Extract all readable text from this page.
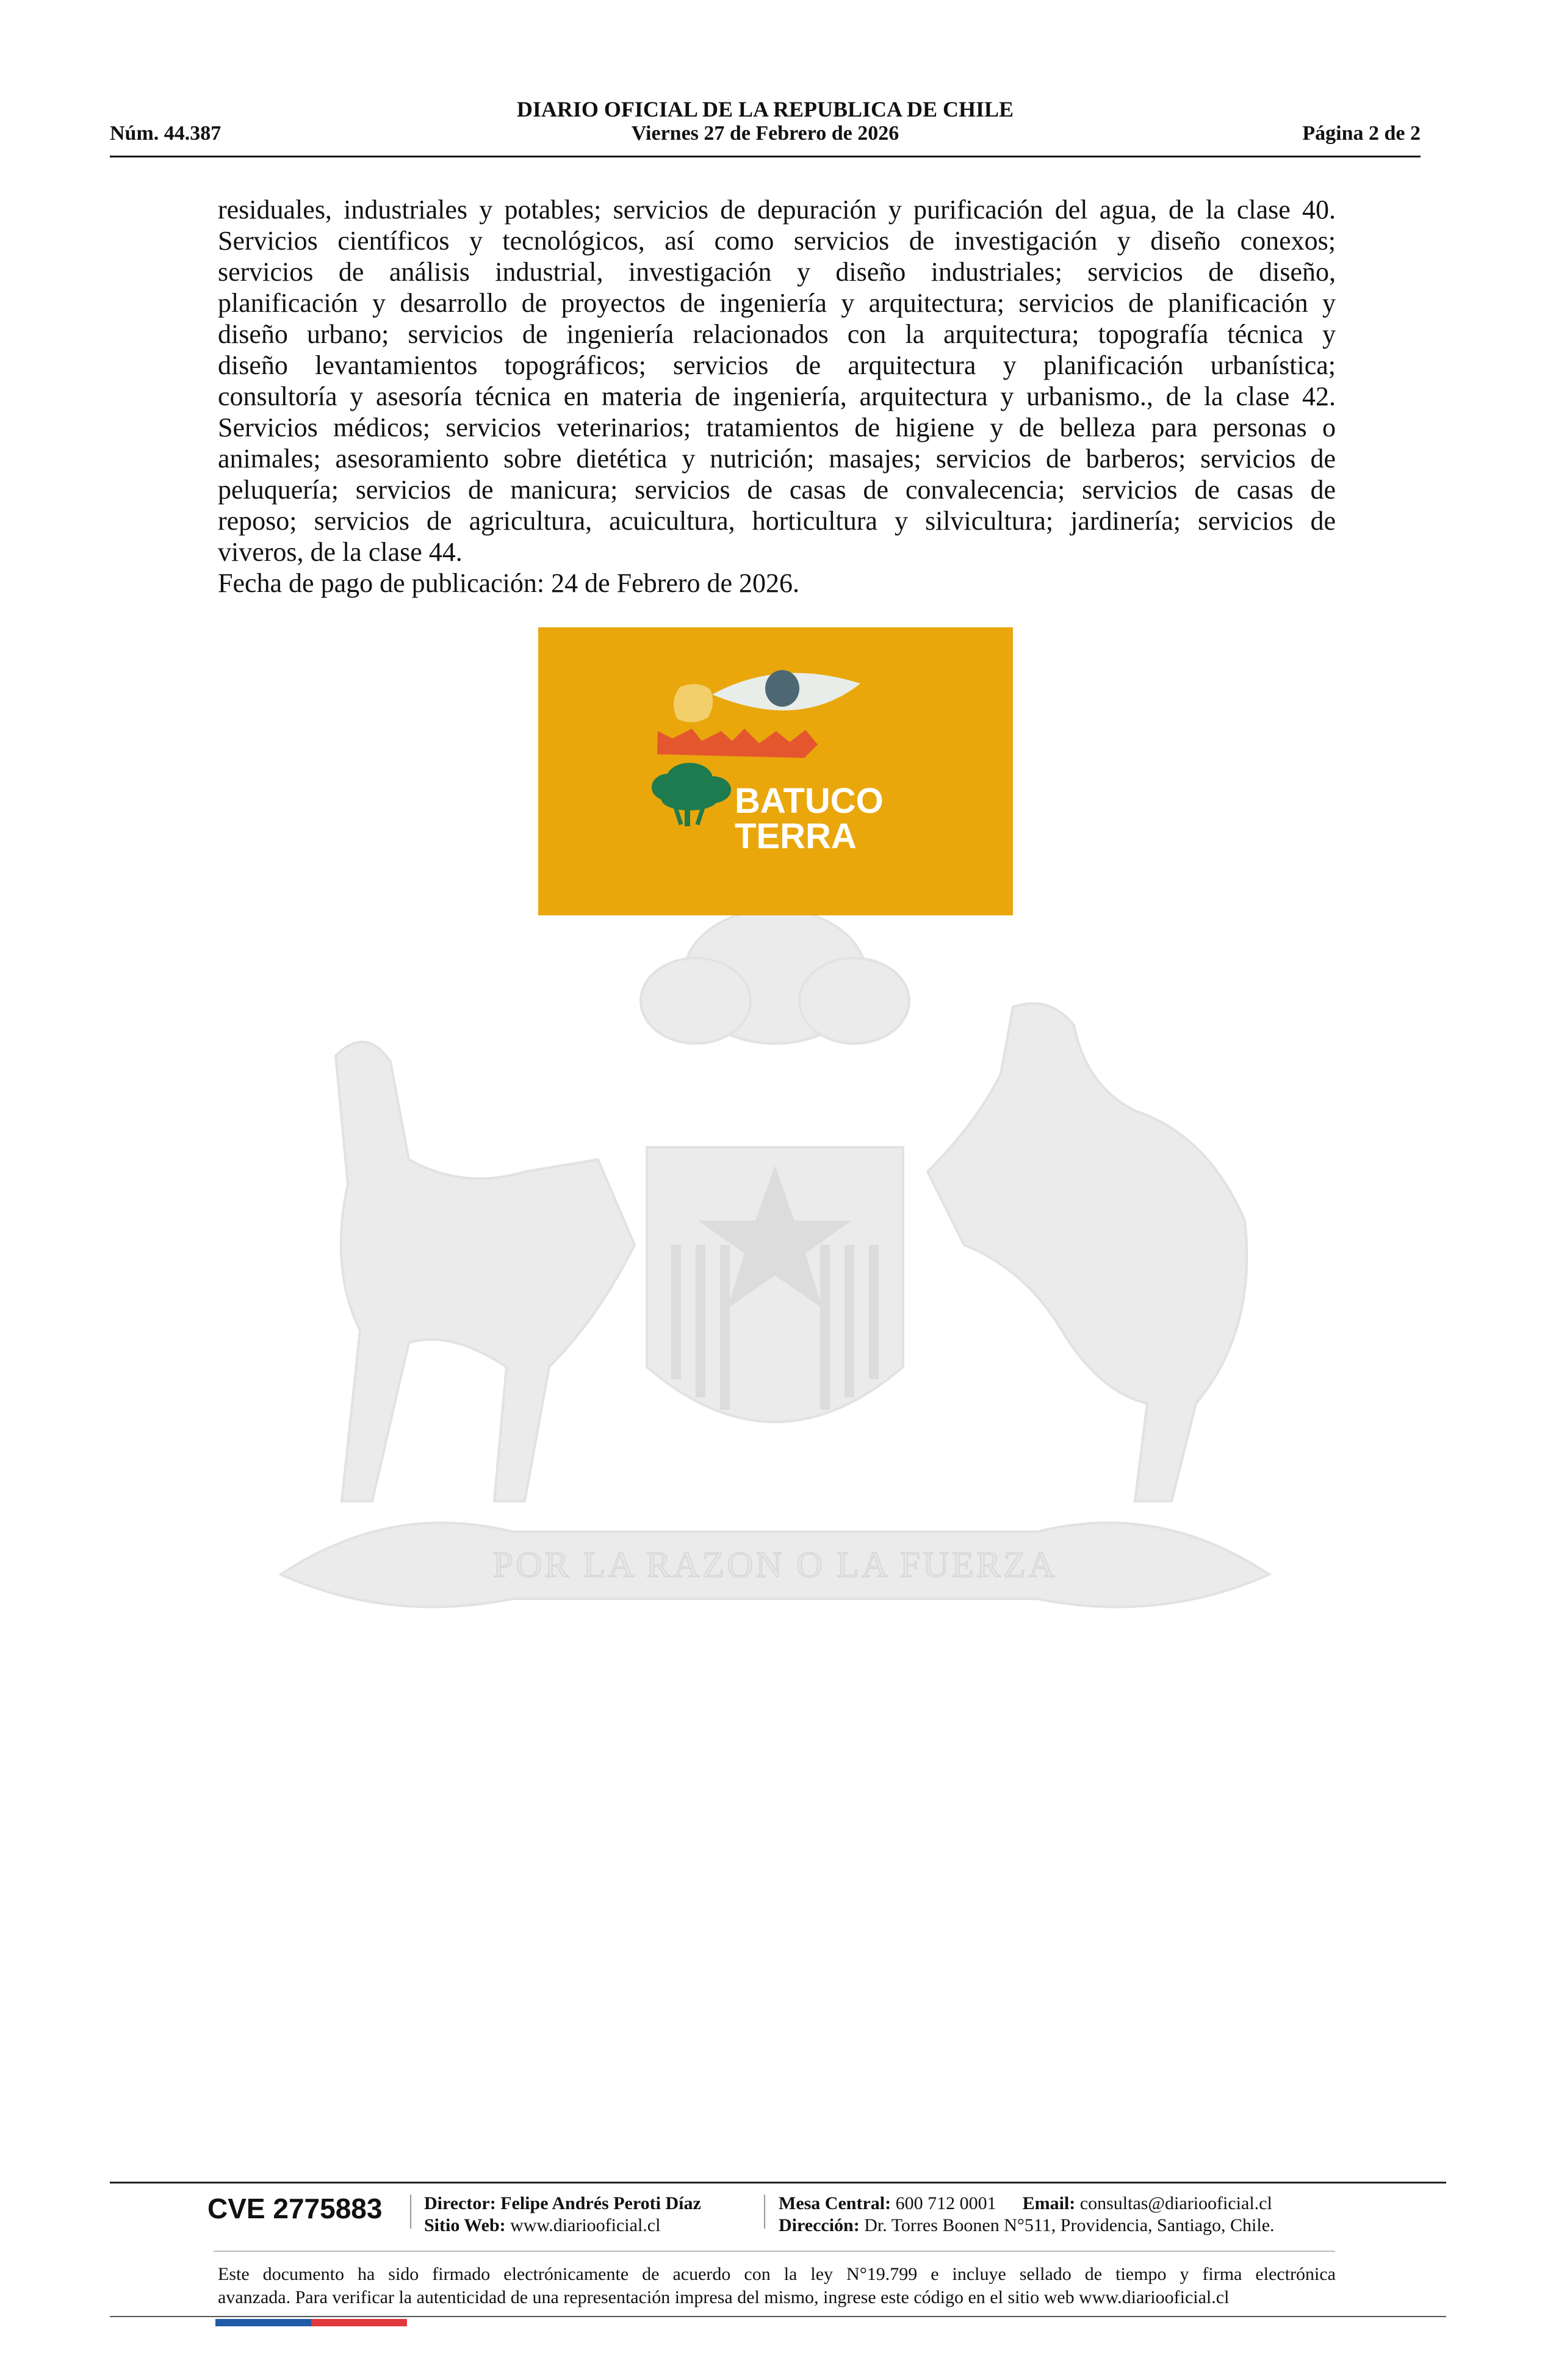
DIARIO OFICIAL DE LA REPUBLICA DE CHILE
Núm. 44.387	Viernes 27 de Febrero de 2026	Página 2 de 2
POR LA RAZON O LA FUERZA

residuales, industriales y potables; servicios de depuración y purificación del agua, de la clase 40.

Servicios científicos y tecnológicos, así como servicios de investigación y diseño conexos;

servicios de análisis industrial, investigación y diseño industriales; servicios de diseño,

planificación y desarrollo de proyectos de ingeniería y arquitectura; servicios de planificación y

diseño urbano; servicios de ingeniería relacionados con la arquitectura; topografía técnica y

diseño levantamientos topográficos; servicios de arquitectura y planificación urbanística;

consultoría y asesoría técnica en materia de ingeniería, arquitectura y urbanismo., de la clase 42.

Servicios médicos; servicios veterinarios; tratamientos de higiene y de belleza para personas o

animales; asesoramiento sobre dietética y nutrición; masajes; servicios de barberos; servicios de

peluquería; servicios de manicura; servicios de casas de convalecencia; servicios de casas de

reposo; servicios de agricultura, acuicultura, horticultura y silvicultura; jardinería; servicios de

viveros, de la clase 44.

Fecha de pago de publicación: 24 de Febrero de 2026.

BATUCO
TERRA
CVE 2775883 Director: Felipe Andrés Peroti Díaz
Sitio Web: www.diariooficial.cl
Mesa Central: 600 712 0001 Email: consultas@diariooficial.cl
Dirección: Dr. Torres Boonen N°511, Providencia, Santiago, Chile.

Este documento ha sido firmado electrónicamente de acuerdo con la ley N°19.799 e incluye sellado de tiempo y firma electrónica

avanzada. Para verificar la autenticidad de una representación impresa del mismo, ingrese este código en el sitio web www.diariooficial.cl
